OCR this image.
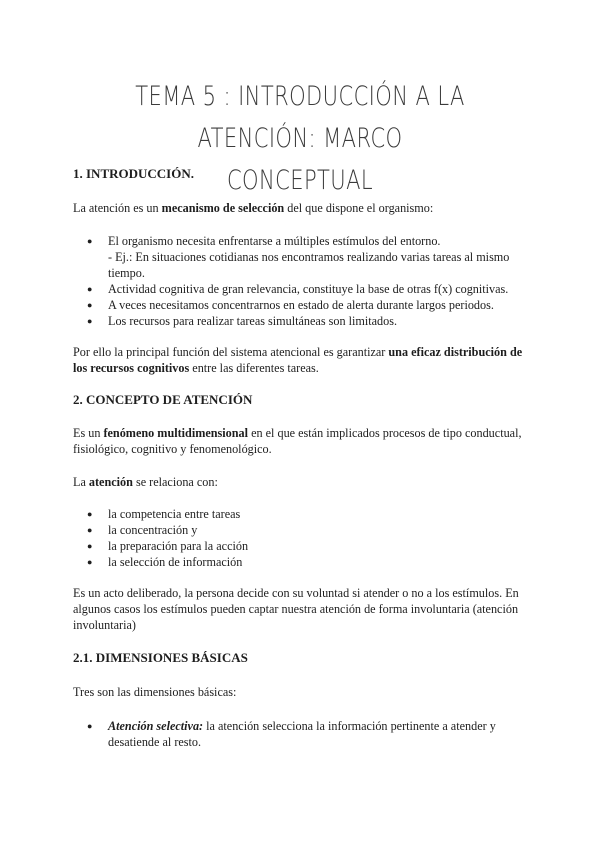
TEMA 5 : INTRODUCCIÓN A LA ATENCIÓN: MARCO
CONCEPTUAL
1. INTRODUCCIÓN.

La atención es un mecanismo de selección del que dispone el organismo:

● El organismo necesita enfrentarse a múltiples estímulos del entorno.
- Ej.: En situaciones cotidianas nos encontramos realizando varias tareas al mismo tiempo.
● Actividad cognitiva de gran relevancia, constituye la base de otras f(x) cognitivas.
● A veces necesitamos concentrarnos en estado de alerta durante largos periodos.
● Los recursos para realizar tareas simultáneas son limitados.

Por ello la principal función del sistema atencional es garantizar una eficaz distribución de los recursos cognitivos entre las diferentes tareas.

2. CONCEPTO DE ATENCIÓN

Es un fenómeno multidimensional en el que están implicados procesos de tipo conductual, fisiológico, cognitivo y fenomenológico.

La atención se relaciona con:

● la competencia entre tareas
● la concentración y
● la preparación para la acción
● la selección de información

Es un acto deliberado, la persona decide con su voluntad si atender o no a los estímulos. En algunos casos los estímulos pueden captar nuestra atención de forma involuntaria (atención involuntaria)

2.1. DIMENSIONES BÁSICAS

Tres son las dimensiones básicas:

● Atención selectiva: la atención selecciona la información pertinente a atender y desatiende al resto.
